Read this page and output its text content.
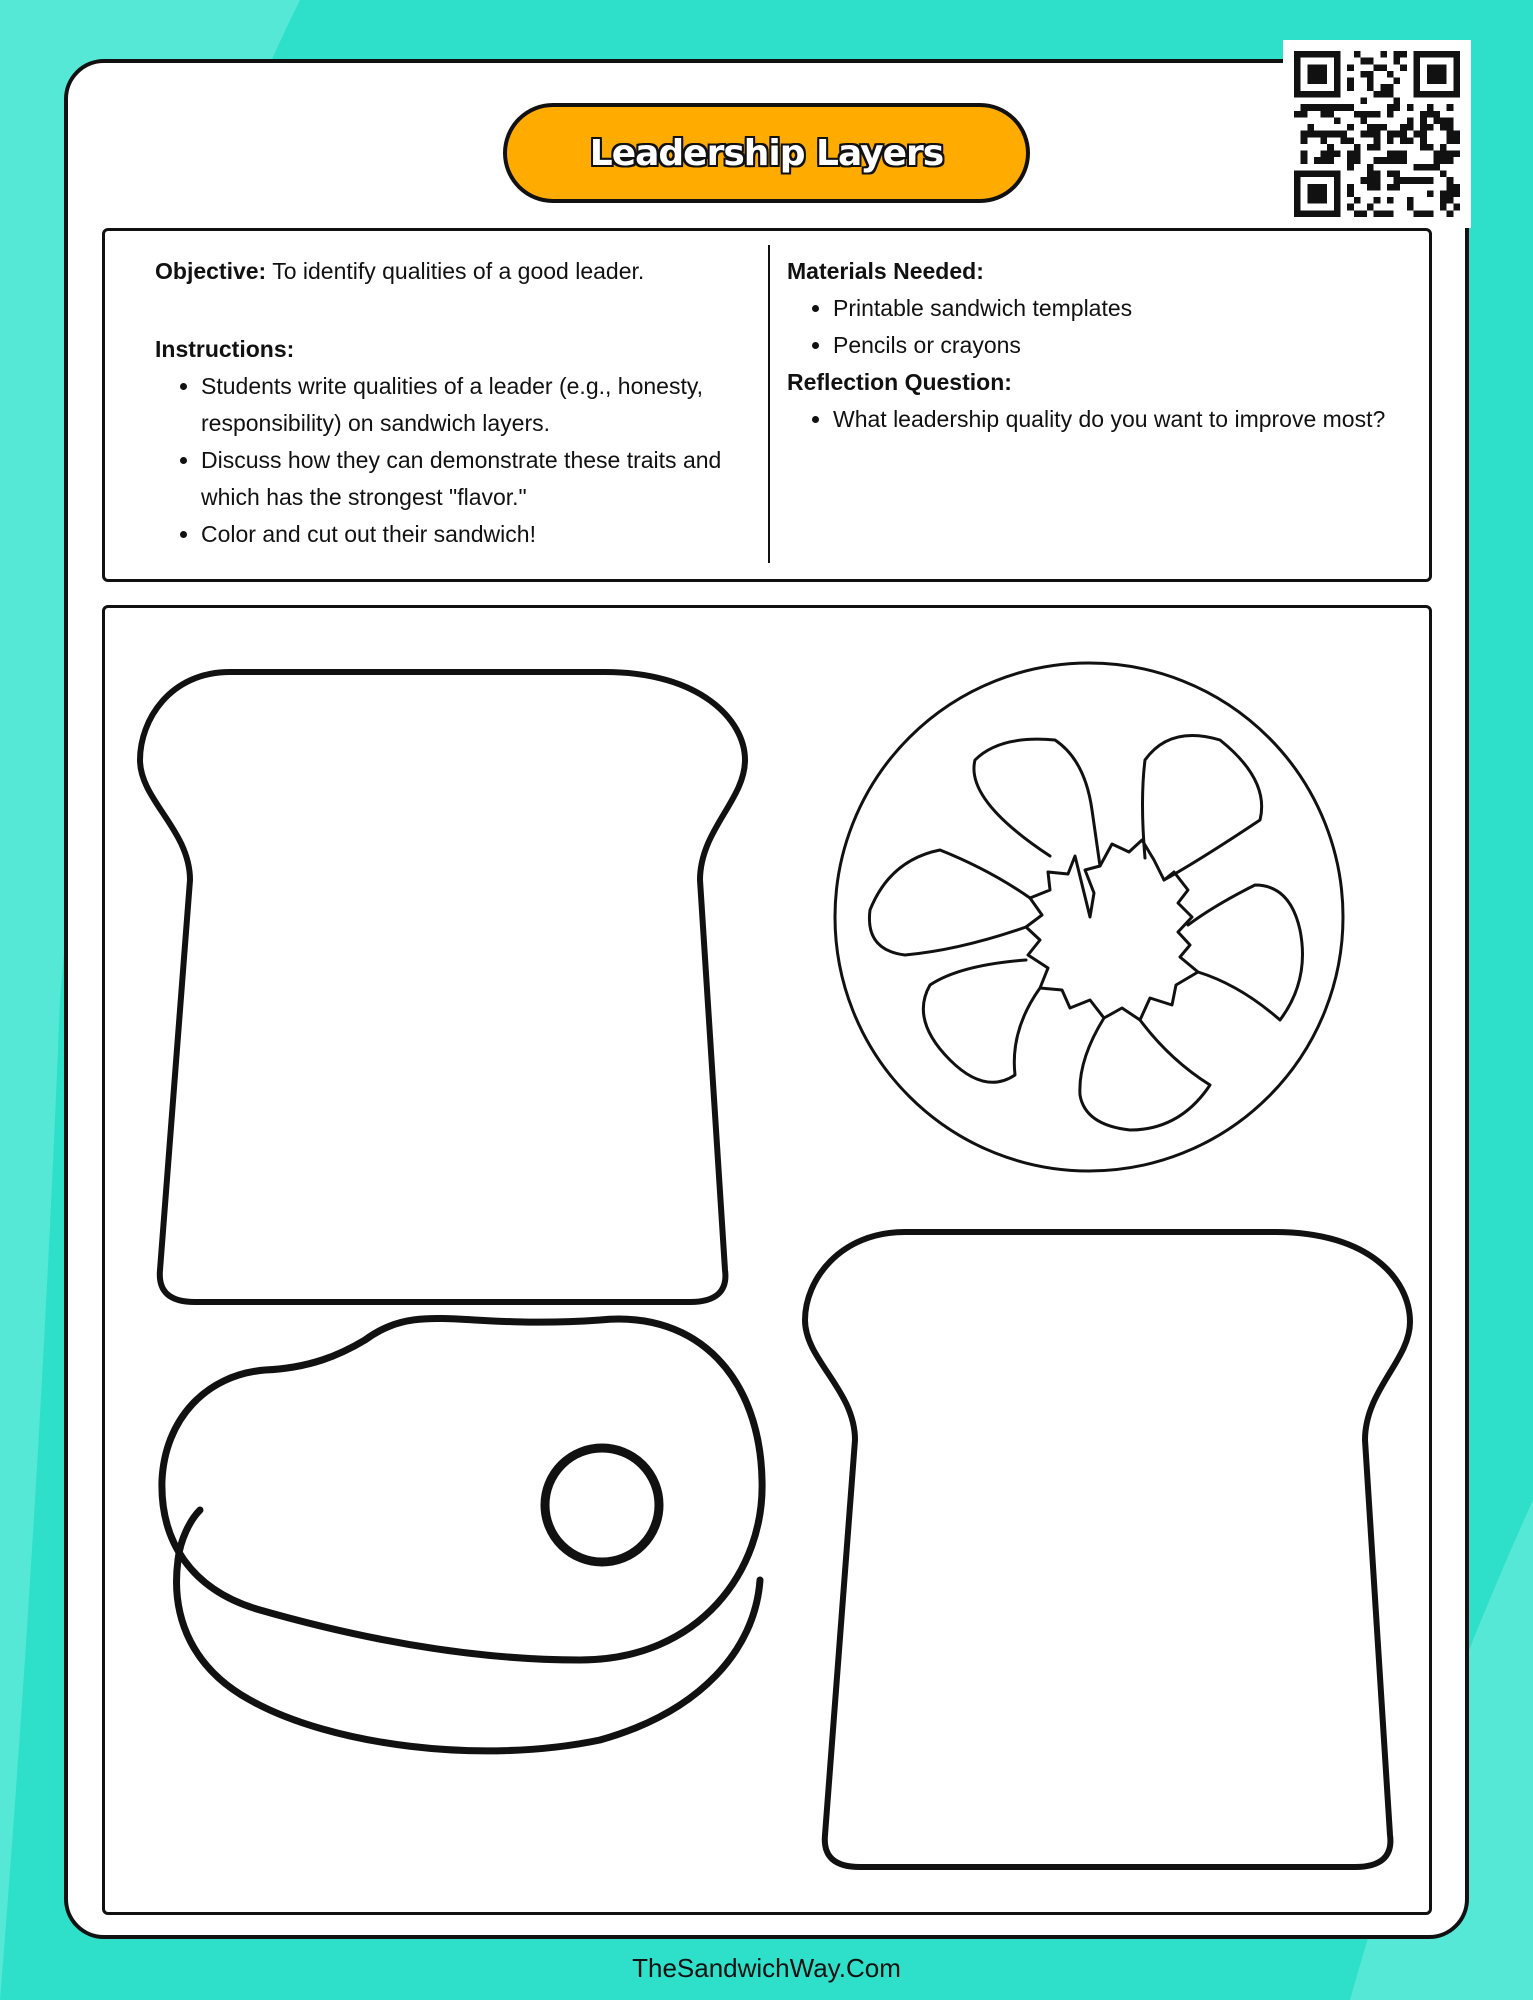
Leadership Layers

Objective: To identify qualities of a good leader.

Instructions:

• Students write qualities of a leader (e.g., honesty, responsibility) on sandwich layers.
• Discuss how they can demonstrate these traits and which has the strongest "flavor."
• Color and cut out their sandwich!

Materials Needed:

• Printable sandwich templates
• Pencils or crayons

Reflection Question:

• What leadership quality do you want to improve most?
TheSandwichWay.Com
